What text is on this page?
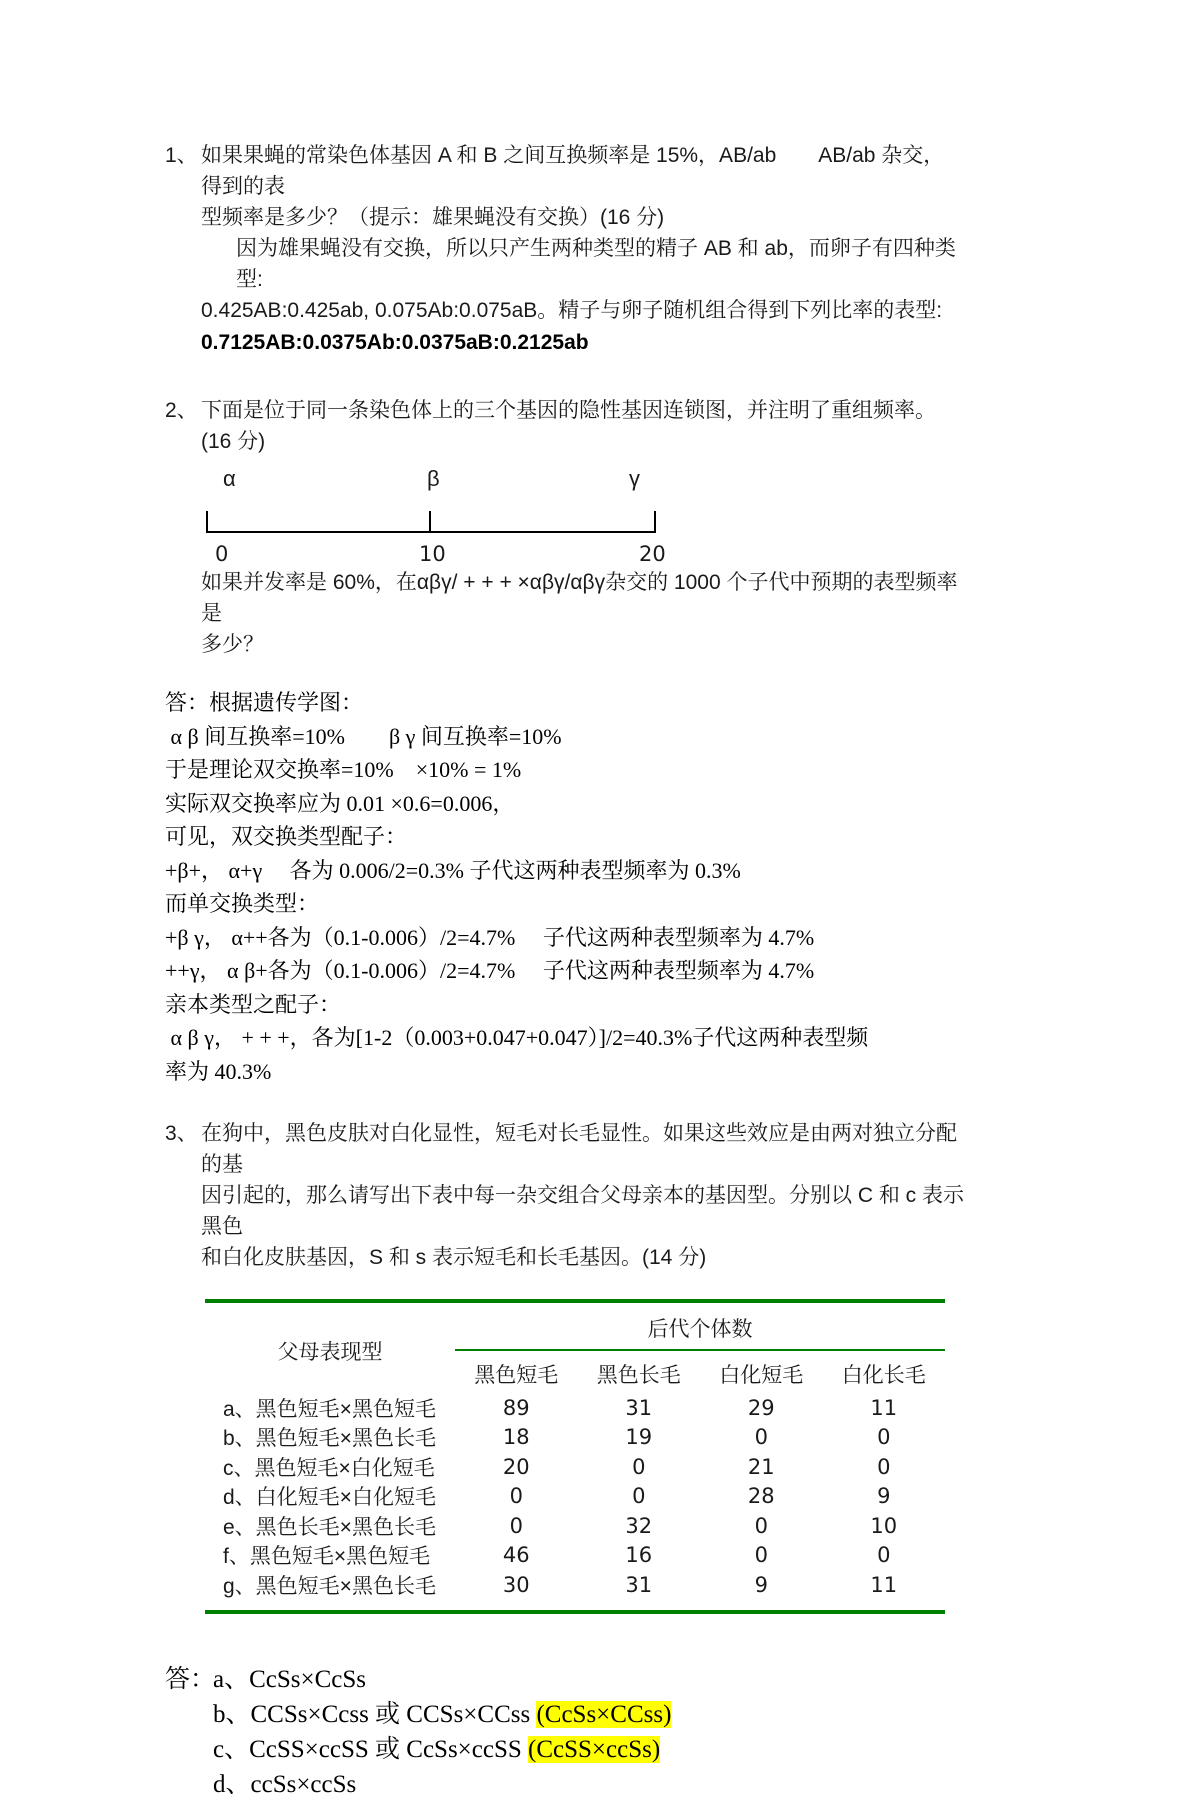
1、 如果果蝇的常染色体基因 A 和 B 之间互换频率是 15%，AB/ab　　AB/ab 杂交，得到的表
型频率是多少？（提示：雄果蝇没有交换）(16 分)
因为雄果蝇没有交换，所以只产生两种类型的精子 AB 和 ab，而卵子有四种类型:
0.425AB:0.425ab, 0.075Ab:0.075aB。精子与卵子随机组合得到下列比率的表型:
0.7125AB:0.0375Ab:0.0375aB:0.2125ab
2、 下面是位于同一条染色体上的三个基因的隐性基因连锁图，并注明了重组频率。(16 分)
α	β	γ
0	10	20
如果并发率是 60%，在αβγ/ + + + ×αβγ/αβγ杂交的 1000 个子代中预期的表型频率是
多少？
答：根据遗传学图：
α β 间互换率=10%　　β γ 间互换率=10%
于是理论双交换率=10%　×10% = 1%
实际双交换率应为 0.01 ×0.6=0.006，
可见，双交换类型配子：
+β+， α+γ　 各为 0.006/2=0.3% 子代这两种表型频率为 0.3%
而单交换类型：
+β γ， α++各为（0.1-0.006）/2=4.7%　 子代这两种表型频率为 4.7%
++γ， α β+各为（0.1-0.006）/2=4.7%　 子代这两种表型频率为 4.7%
亲本类型之配子：
α β γ， + + +，各为[1-2（0.003+0.047+0.047）]/2=40.3%子代这两种表型频
率为 40.3%
3、 在狗中，黑色皮肤对白化显性，短毛对长毛显性。如果这些效应是由两对独立分配的基
因引起的，那么请写出下表中每一杂交组合父母亲本的基因型。分别以 C 和 c 表示黑色
和白化皮肤基因，S 和 s 表示短毛和长毛基因。(14 分)
父母表现型
后代个体数
黑色短毛	黑色长毛	白化短毛	白化长毛
a、黑色短毛×黑色短毛	89	31	29	11
b、黑色短毛×黑色长毛	18	19	0	0
c、黑色短毛×白化短毛	20	0	21	0
d、白化短毛×白化短毛	0	0	28	9
e、黑色长毛×黑色长毛	0	32	0	10
f、黑色短毛×黑色短毛	46	16	0	0
g、黑色短毛×黑色长毛	30	31	9	11
答：
a、CcSs×CcSs
b、CCSs×Ccss 或 CCSs×CCss (CcSs×CCss)
c、CcSS×ccSS 或 CcSs×ccSS (CcSS×ccSs)
d、ccSs×ccSs
